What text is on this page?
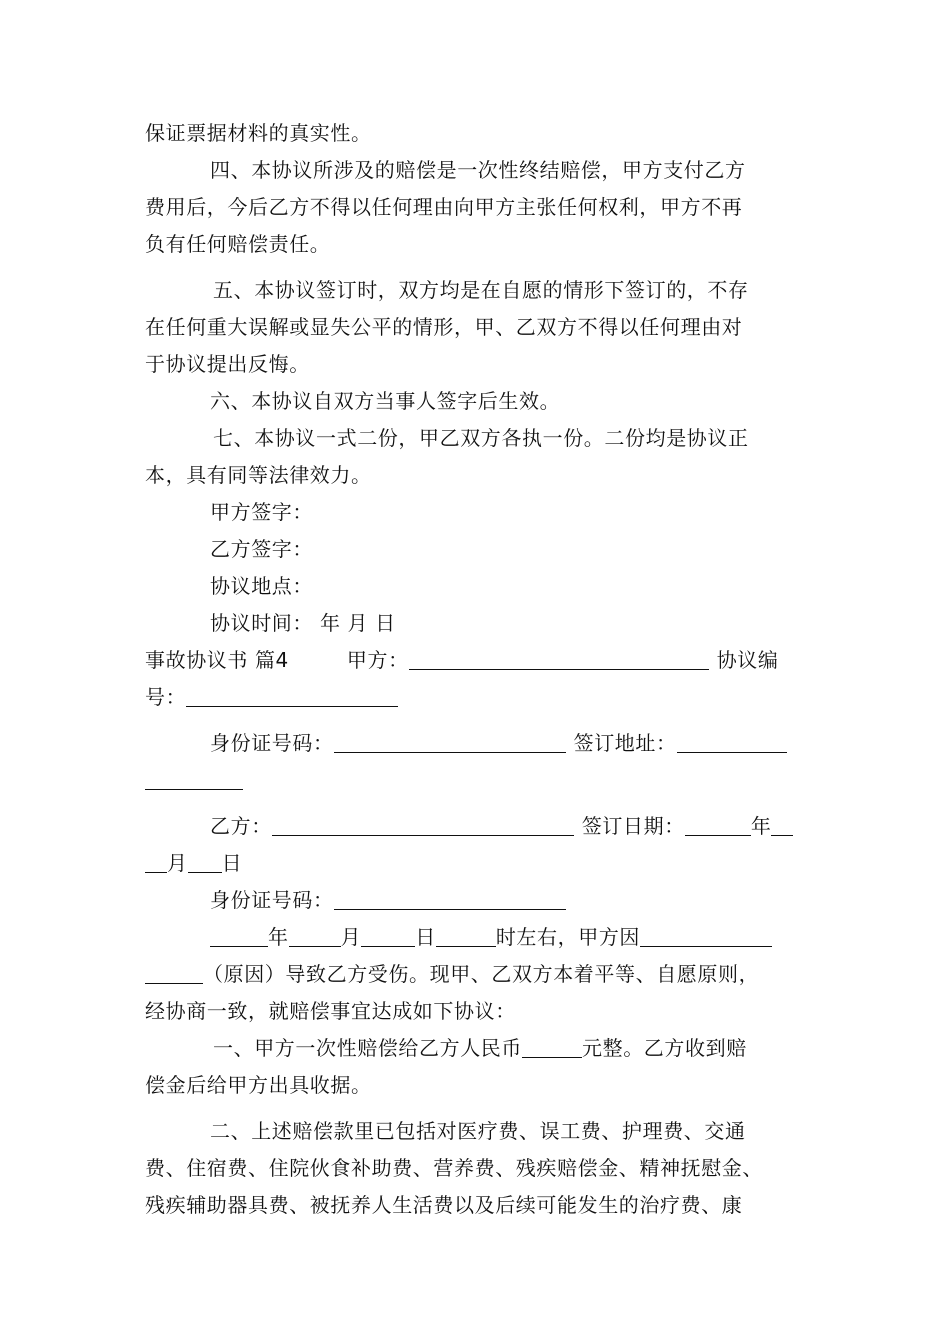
保证票据材料的真实性。
四、本协议所涉及的赔偿是一次性终结赔偿，甲方支付乙方
费用后，今后乙方不得以任何理由向甲方主张任何权利，甲方不再
负有任何赔偿责任。
五、本协议签订时，双方均是在自愿的情形下签订的，不存
在任何重大误解或显失公平的情形，甲、乙双方不得以任何理由对
于协议提出反悔。
六、本协议自双方当事人签字后生效。
七、本协议一式二份，甲乙双方各执一份。二份均是协议正
本，具有同等法律效力。
甲方签字：
乙方签字：
协议地点：
协议时间： 年 月 日
事故协议书 篇4	甲方：	协议编
号：
身份证号码：	签订地址：
乙方：	签订日期：	年
月 日
身份证号码：
年	月	日	时左右，甲方因
（原因）导致乙方受伤。现甲、乙双方本着平等、自愿原则，
经协商一致，就赔偿事宜达成如下协议：
一、甲方一次性赔偿给乙方人民币	元整。乙方收到赔
偿金后给甲方出具收据。
二、上述赔偿款里已包括对医疗费、误工费、护理费、交通
费、住宿费、住院伙食补助费、营养费、残疾赔偿金、精神抚慰金、
残疾辅助器具费、被抚养人生活费以及后续可能发生的治疗费、康
